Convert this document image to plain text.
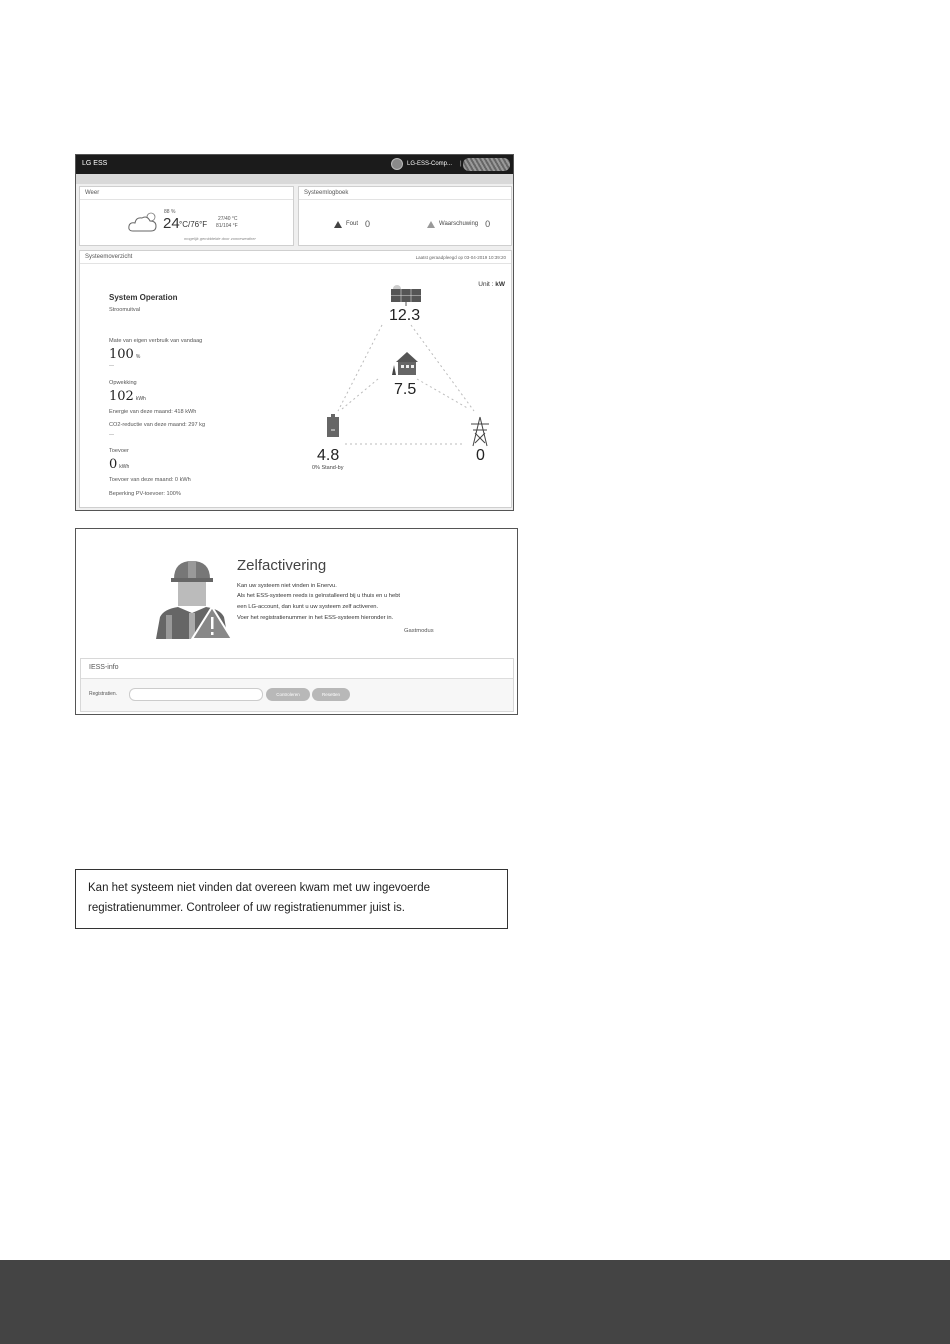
LG ESS	LG-ESS-Comp... |
Weer
88 %
24 °C/76°F
27/40 °C
81/104 °F
mogelijk gemiddelde door zonneweather
Systeemlogboek
Fout 0	Waarschuwing 0
Systeemoverzicht	Laatst geraadpleegd op 03-04-2019 10:39:20
Unit : kW
System Operation
Stroomuitval
Mate van eigen verbruik van vandaag
100 %
—
Opwekking
102 kWh
Energie van deze maand: 418 kWh
CO2-reductie van deze maand: 297 kg
—
Toevoer
0 kWh
Toevoer van deze maand: 0 kWh
Beperking PV-toevoer: 100%
12.3
7.5
4.8
0% Stand-by
0
Zelfactivering
Kan uw systeem niet vinden in Enervu.
Als het ESS-systeem reeds is geïnstalleerd bij u thuis en u hebt
een LG-account, dan kunt u uw systeem zelf activeren.
Voer het registratienummer in het ESS-systeem hieronder in.
Gastmodus
IESS-info
Registratien.	Controleren	Resetten

Kan het systeem niet vinden dat overeen kwam met uw ingevoerde registratienummer. Controleer of uw registratienummer juist is.
